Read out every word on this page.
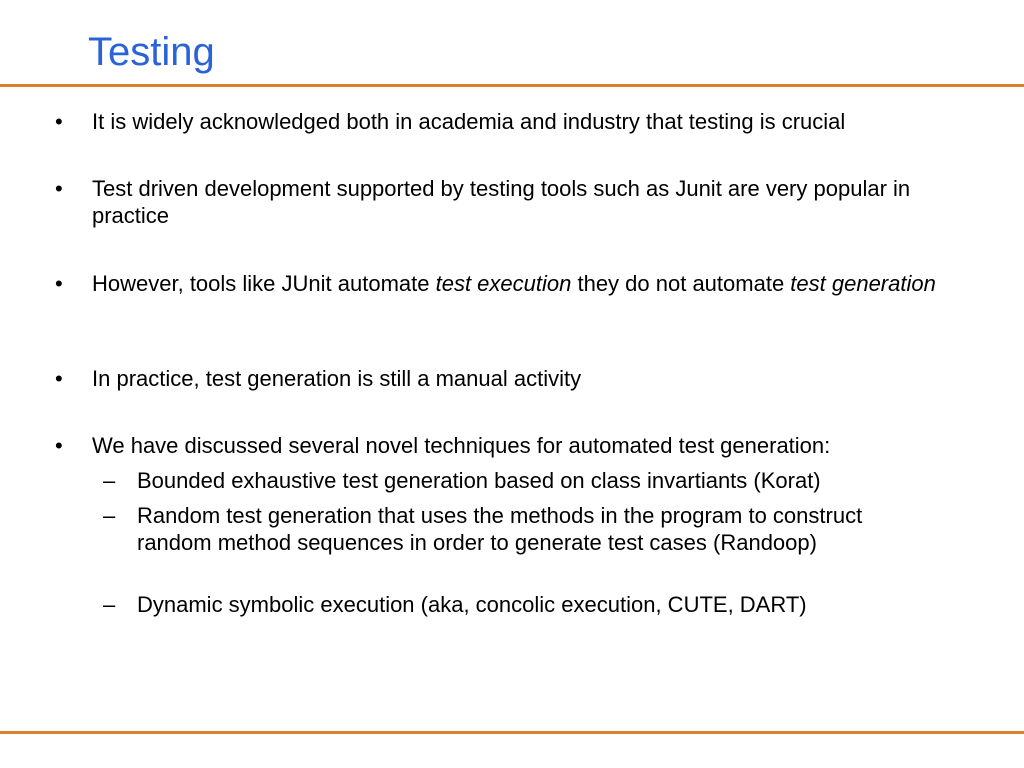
Testing
•	It is widely acknowledged both in academia and industry that testing is crucial
•	Test driven development supported by testing tools such as Junit are very popular in practice
•	However, tools like JUnit automate test execution they do not automate test generation
•	In practice, test generation is still a manual activity
•	We have discussed several novel techniques for automated test generation:
– Bounded exhaustive test generation based on class invartiants (Korat)
– Random test generation that uses the methods in the program to construct random method sequences in order to generate test cases (Randoop)
– Dynamic symbolic execution (aka, concolic execution, CUTE, DART)
